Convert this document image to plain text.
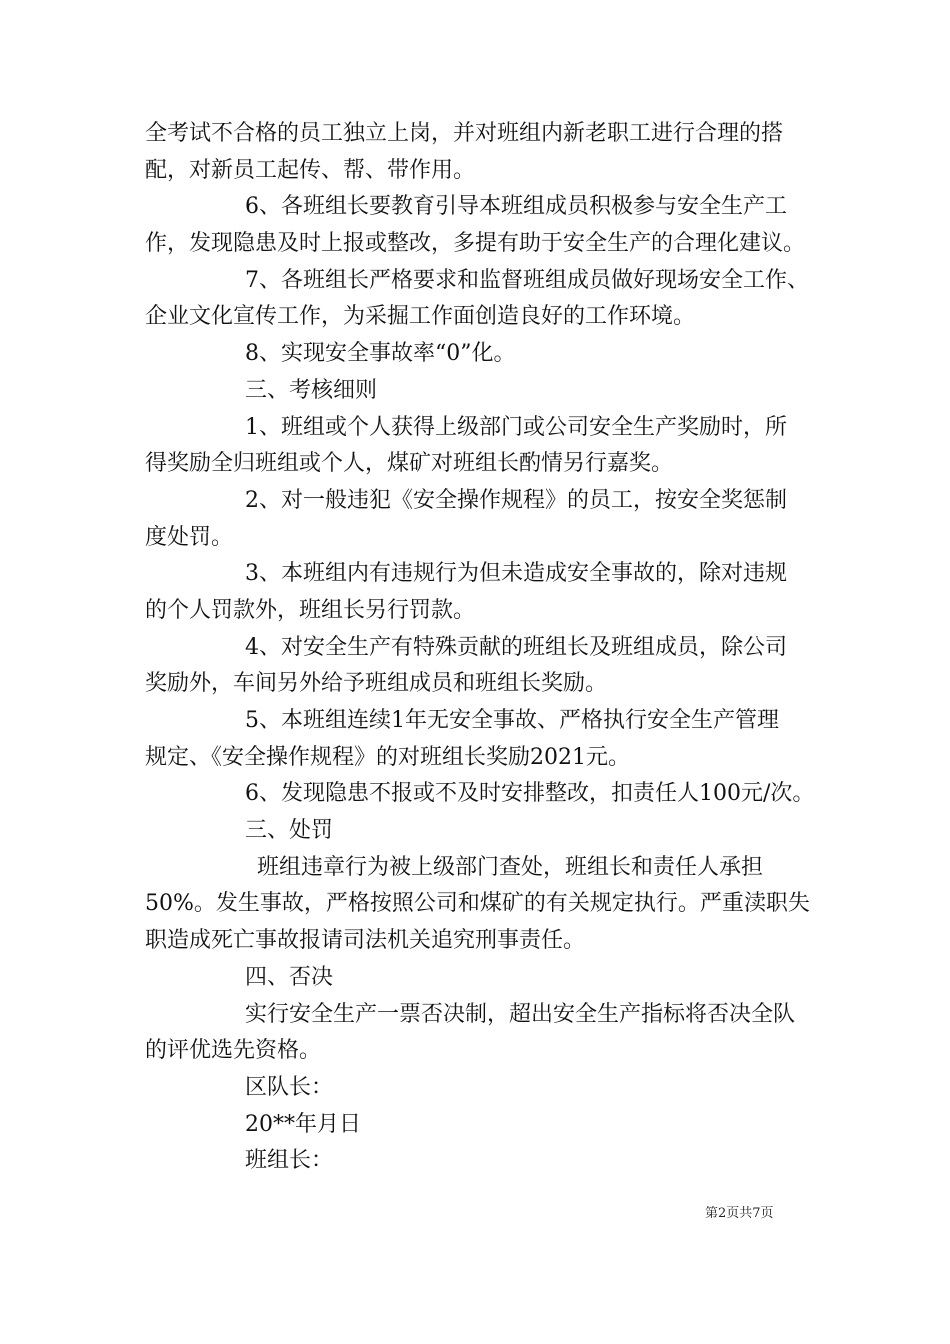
全考试不合格的员工独立上岗，并对班组内新老职工进行合理的搭
配，对新员工起传、帮、带作用。
6、各班组长要教育引导本班组成员积极参与安全生产工
作，发现隐患及时上报或整改，多提有助于安全生产的合理化建议。
7、各班组长严格要求和监督班组成员做好现场安全工作、
企业文化宣传工作，为采掘工作面创造良好的工作环境。
8、实现安全事故率“0”化。
三、考核细则
1、班组或个人获得上级部门或公司安全生产奖励时，所
得奖励全归班组或个人，煤矿对班组长酌情另行嘉奖。
2、对一般违犯《安全操作规程》的员工，按安全奖惩制
度处罚。
3、本班组内有违规行为但未造成安全事故的，除对违规
的个人罚款外，班组长另行罚款。
4、对安全生产有特殊贡献的班组长及班组成员，除公司
奖励外，车间另外给予班组成员和班组长奖励。
5、本班组连续1年无安全事故、严格执行安全生产管理
规定、《安全操作规程》的对班组长奖励2021元。
6、发现隐患不报或不及时安排整改，扣责任人100元/次。
三、处罚
班组违章行为被上级部门查处，班组长和责任人承担
50%。发生事故，严格按照公司和煤矿的有关规定执行。严重渎职失
职造成死亡事故报请司法机关追究刑事责任。
四、否决
实行安全生产一票否决制，超出安全生产指标将否决全队
的评优选先资格。
区队长：
20**年月日
班组长：
第2页共7页
